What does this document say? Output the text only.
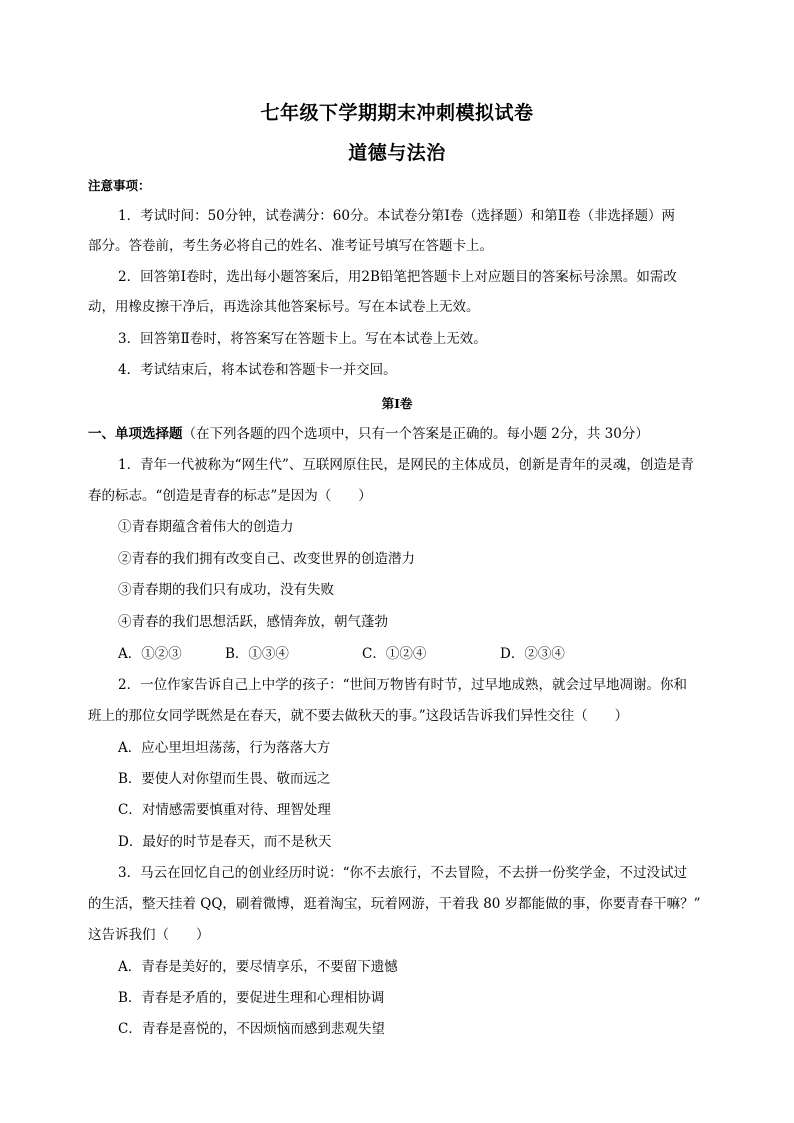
七年级下学期期末冲刺模拟试卷
道德与法治
注意事项：
1．考试时间：50分钟，试卷满分：60分。本试卷分第Ⅰ卷（选择题）和第Ⅱ卷（非选择题）两
部分。答卷前，考生务必将自己的姓名、准考证号填写在答题卡上。
2．回答第Ⅰ卷时，选出每小题答案后，用2B铅笔把答题卡上对应题目的答案标号涂黑。如需改
动，用橡皮擦干净后，再选涂其他答案标号。写在本试卷上无效。
3．回答第Ⅱ卷时，将答案写在答题卡上。写在本试卷上无效。
4．考试结束后，将本试卷和答题卡一并交回。
第Ⅰ卷
一、单项选择题（在下列各题的四个选项中，只有一个答案是正确的。每小题 2分，共 30分）
1．青年一代被称为“网生代”、互联网原住民，是网民的主体成员，创新是青年的灵魂，创造是青
春的标志。“创造是青春的标志”是因为（　　）
①青春期蕴含着伟大的创造力
②青春的我们拥有改变自己、改变世界的创造潜力
③青春期的我们只有成功，没有失败
④青春的我们思想活跃，感情奔放，朝气蓬勃
A．①②③	B．①③④	C．①②④	D．②③④
2．一位作家告诉自己上中学的孩子：“世间万物皆有时节，过早地成熟，就会过早地凋谢。你和
班上的那位女同学既然是在春天，就不要去做秋天的事。”这段话告诉我们异性交往（　　）
A．应心里坦坦荡荡，行为落落大方
B．要使人对你望而生畏、敬而远之
C．对情感需要慎重对待、理智处理
D．最好的时节是春天，而不是秋天
3．马云在回忆自己的创业经历时说：“你不去旅行，不去冒险，不去拼一份奖学金，不过没试过
的生活，整天挂着 QQ，刷着微博，逛着淘宝，玩着网游，干着我 80 岁都能做的事，你要青春干嘛？”
这告诉我们（　　）
A．青春是美好的，要尽情享乐，不要留下遗憾
B．青春是矛盾的，要促进生理和心理相协调
C．青春是喜悦的，不因烦恼而感到悲观失望
